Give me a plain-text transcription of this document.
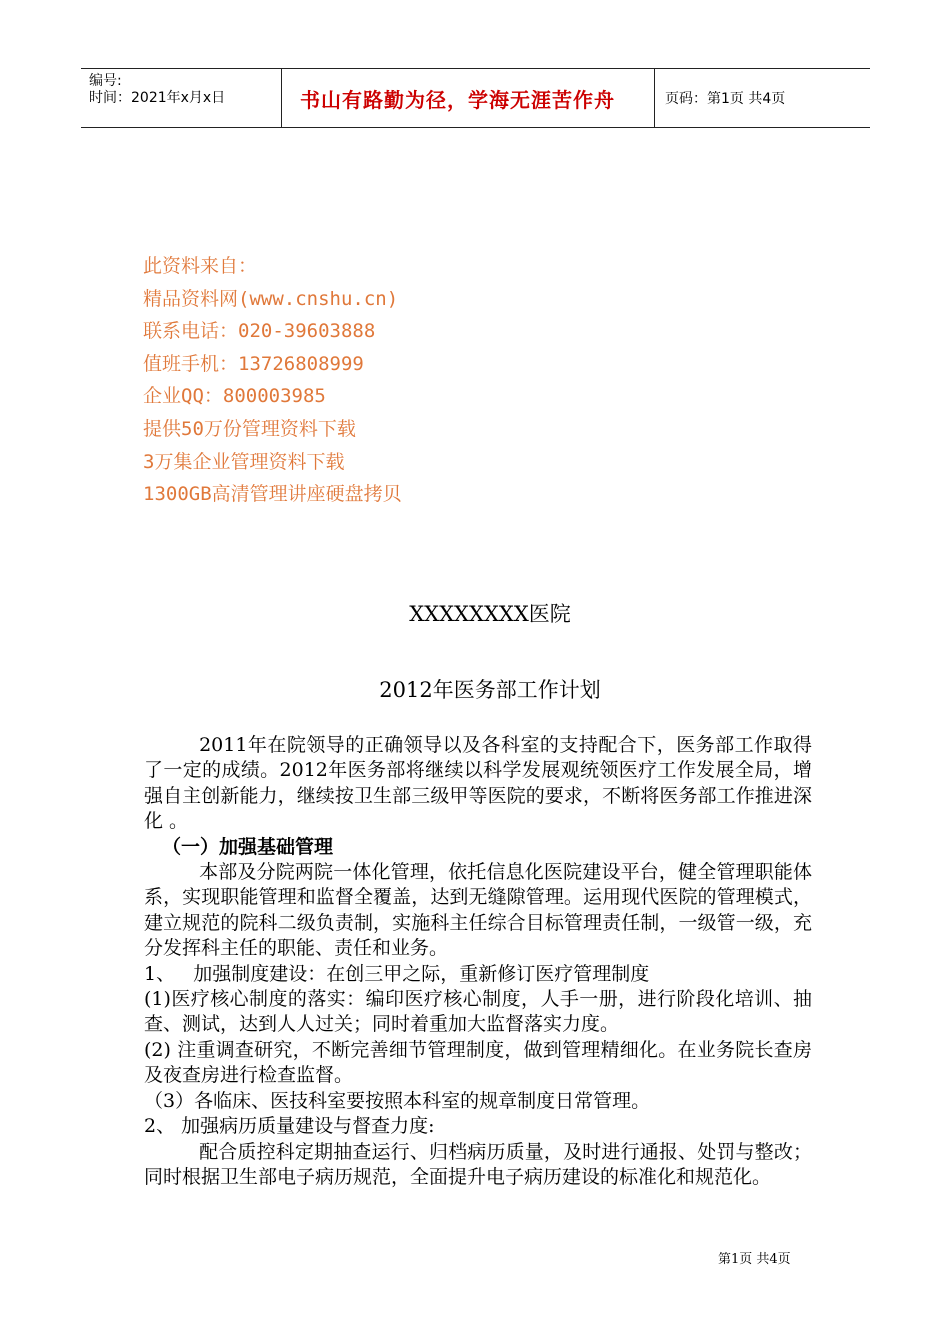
编号:
时间：2021年x月x日	书山有路勤为径，学海无涯苦作舟	页码：第1页 共4页
此资料来自：
精品资料网(www.cnshu.cn)
联系电话：020-39603888
值班手机：13726808999
企业QQ：800003985
提供50万份管理资料下载
3万集企业管理资料下载
1300GB高清管理讲座硬盘拷贝
XXXXXXXX医院
2012年医务部工作计划

2011年在院领导的正确领导以及各科室的支持配合下，医务部工作取得了一定的成绩。2012年医务部将继续以科学发展观统领医疗工作发展全局，增强自主创新能力，继续按卫生部三级甲等医院的要求，不断将医务部工作推进深化 。

（一）加强基础管理

本部及分院两院一体化管理，依托信息化医院建设平台，健全管理职能体系，实现职能管理和监督全覆盖，达到无缝隙管理。运用现代医院的管理模式，建立规范的院科二级负责制，实施科主任综合目标管理责任制，一级管一级，充分发挥科主任的职能、责任和业务。

1、   加强制度建设：在创三甲之际，重新修订医疗管理制度

(1)医疗核心制度的落实：编印医疗核心制度，人手一册，进行阶段化培训、抽查、测试，达到人人过关；同时着重加大监督落实力度。

(2) 注重调查研究，不断完善细节管理制度，做到管理精细化。在业务院长查房及夜查房进行检查监督。

（3）各临床、医技科室要按照本科室的规章制度日常管理。

2、 加强病历质量建设与督查力度:

配合质控科定期抽查运行、归档病历质量，及时进行通报、处罚与整改；同时根据卫生部电子病历规范，全面提升电子病历建设的标准化和规范化。

第1页 共4页
